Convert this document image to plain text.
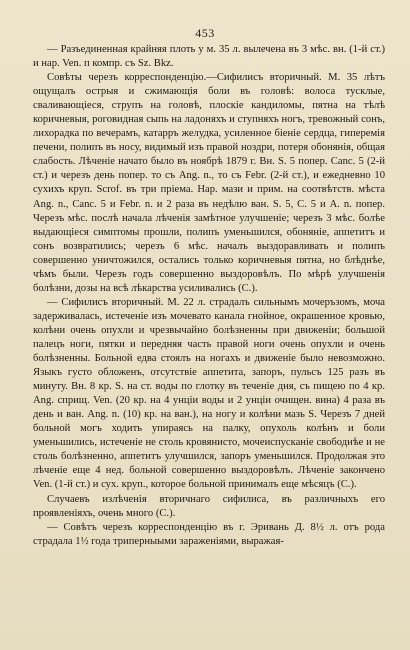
453

— Разъединенная крайняя плоть у м. 35 л. вылечена въ 3 мѣс. вн. (1-й ст.) и нар. Ven. п компр. съ Sz. Bkz.

Совѣты черезъ корреспонденцію.—Сифилисъ вторичный. М. 35 лѣтъ ощущалъ острыя и сжимающія боли въ головѣ: волоса тусклые, сваливающіеся, струпъ на головѣ, плоскіе кандиломы, пятна на тѣлѣ коричневыя, роговидная сыпь на ладоняхъ и ступняхъ ногъ, тревожный сонъ, лихорадка по вечерамъ, катарръ желудка, усиленное біеніе сердца, гиперемія печени, полипъ въ носу, видимый изъ правой ноздри, потеря обонянія, общая слабость. Лѣченіе начато было въ ноябрѣ 1879 г. Вн. S. 5 попер. Canc. 5 (2-й ст.) и черезъ день попер. то съ Ang. n., то съ Febr. (2-й ст.), и ежедневно 10 сухихъ круп. Scrof. въ три пріема. Нар. мази и прим. на соотвѣтств. мѣста Ang. n., Canc. 5 и Febr. n. и 2 раза въ недѣлю ван. S. 5, C. 5 и A. n. попер. Черезъ мѣс. послѣ начала лѣченія замѣтное улучшеніе; черезъ 3 мѣс. болѣе выдающіеся симптомы прошли, полипъ уменьшился, обоняніе, аппетитъ и сонъ возвратились; черезъ 6 мѣс. началъ выздоравливать и полипъ совершенно уничтожился, остались только коричневыя пятна, но блѣднѣе, чѣмъ были. Черезъ годъ совершенно выздоровѣлъ. По мѣрѣ улучшенія болѣзни, дозы на всѣ лѣкарства усиливались (C.).

— Сифилисъ вторичный. М. 22 л. страдалъ сильнымъ мочеръзомъ, моча задерживалась, истеченіе изъ мочевато канала гнойное, окрашенное кровью, колѣни очень опухли и чрезвычайно болѣзненны при движеніи; большой палецъ ноги, пятки и передняя часть правой ноги очень опухли и очень болѣзненны. Больной едва стоялъ на ногахъ и движеніе было невозможно. Языкъ густо обложенъ, отсутствіе аппетита, запоръ, пульсъ 125 разъ въ минуту. Вн. 8 кр. S. на ст. воды по глотку въ теченіе дня, съ пищею по 4 кр. Ang. сприщ. Ven. (20 кр. на 4 унціи воды и 2 унціи очищен. вина) 4 раза въ день и ван. Ang. n. (10) кр. на ван.), на ногу и колѣни мазь S. Черезъ 7 дней больной могъ ходить упираясь на палку, опухоль колѣнъ и боли уменьшились, истеченіе не столь кровянисто, мочеиспусканіе свободнѣе и не столь болѣзненно, аппетитъ улучшился, запоръ уменьшился. Продолжая это лѣченіе еще 4 нед. больной совершенно выздоровѣлъ. Лѣченіе закончено Ven. (1-й ст.) и сух. круп., которое больной принималъ еще мѣсяцъ (C.).

Случаевъ излѣченія вторичнаго сифилиса, въ различныхъ его проявленіяхъ, очень много (C.).

— Совѣтъ черезъ корреспонденцію въ г. Эривань Д. 8½ л. отъ рода страдала 1½ года триперныыми заражeніями, выражая-
